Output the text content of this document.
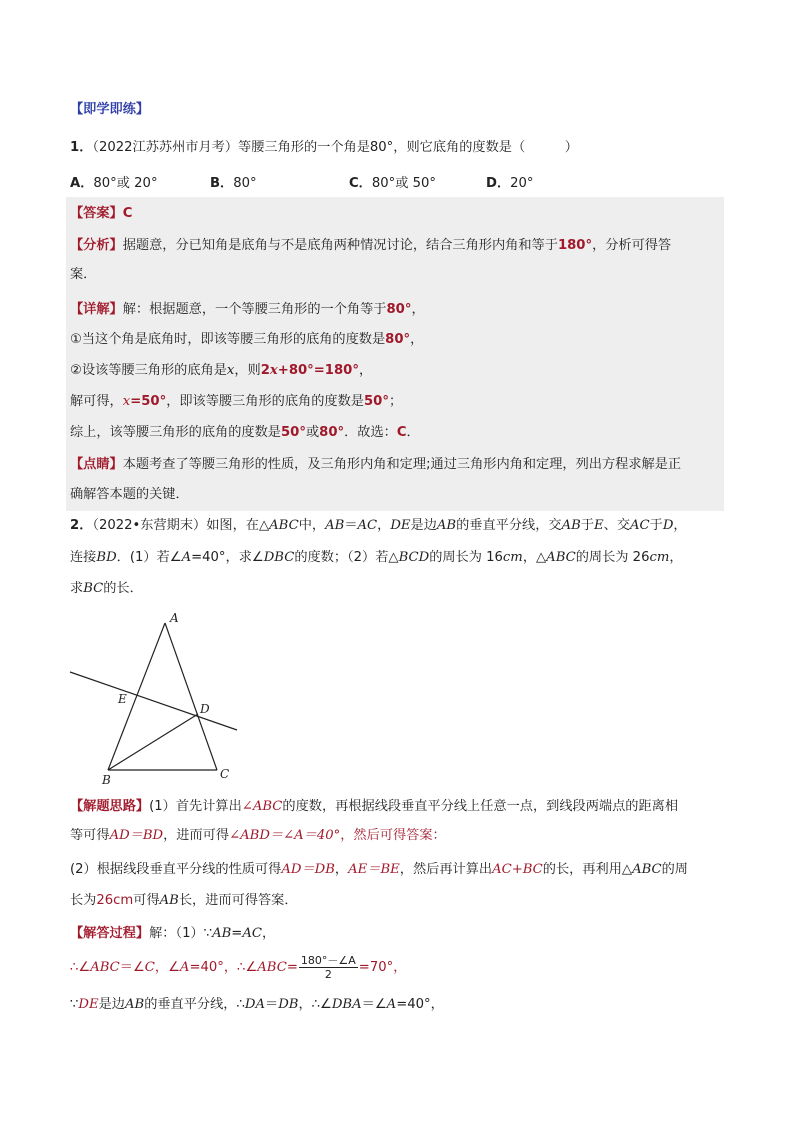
【即学即练】
1．（2022江苏苏州市月考）等腰三角形的一个角是80°，则它底角的度数是（　　　）
A．80°或 20°	B．80°	C．80°或 50°	D．20°
【答案】C
【分析】据题意，分已知角是底角与不是底角两种情况讨论，结合三角形内角和等于180°，分析可得答
案．
【详解】解：根据题意，一个等腰三角形的一个角等于80°，
①当这个角是底角时，即该等腰三角形的底角的度数是80°，
②设该等腰三角形的底角是x，则2x+80°=180°，
解可得，x=50°，即该等腰三角形的底角的度数是50°；
综上，该等腰三角形的底角的度数是50°或80°．故选：C．
【点睛】本题考查了等腰三角形的性质，及三角形内角和定理;通过三角形内角和定理，列出方程求解是正
确解答本题的关键．
2．（2022•东营期末）如图，在△ABC中，AB＝AC，DE是边AB的垂直平分线，交AB于E、交AC于D，
连接BD．(1）若∠A=40°，求∠DBC的度数；（2）若△BCD的周长为 16cm，△ABC的周长为 26cm，
求BC的长．
A
E
D
B	C
【解题思路】(1）首先计算出∠ABC的度数，再根据线段垂直平分线上任意一点，到线段两端点的距离相
等可得AD＝BD，进而可得∠ABD＝∠A＝40°，然后可得答案：
(2）根据线段垂直平分线的性质可得AD＝DB，AE＝BE，然后再计算出AC+BC的长，再利用△ABC的周
长为26cm可得AB长，进而可得答案．
【解答过程】解：（1）∵AB=AC，
∴∠ABC＝∠C，∠A=40°，∴∠ABC= $\frac{180^\circ-\angle A}{2} =70^\circ$，
∵DE是边AB的垂直平分线，∴DA＝DB，∴∠DBA＝∠A=40°，
